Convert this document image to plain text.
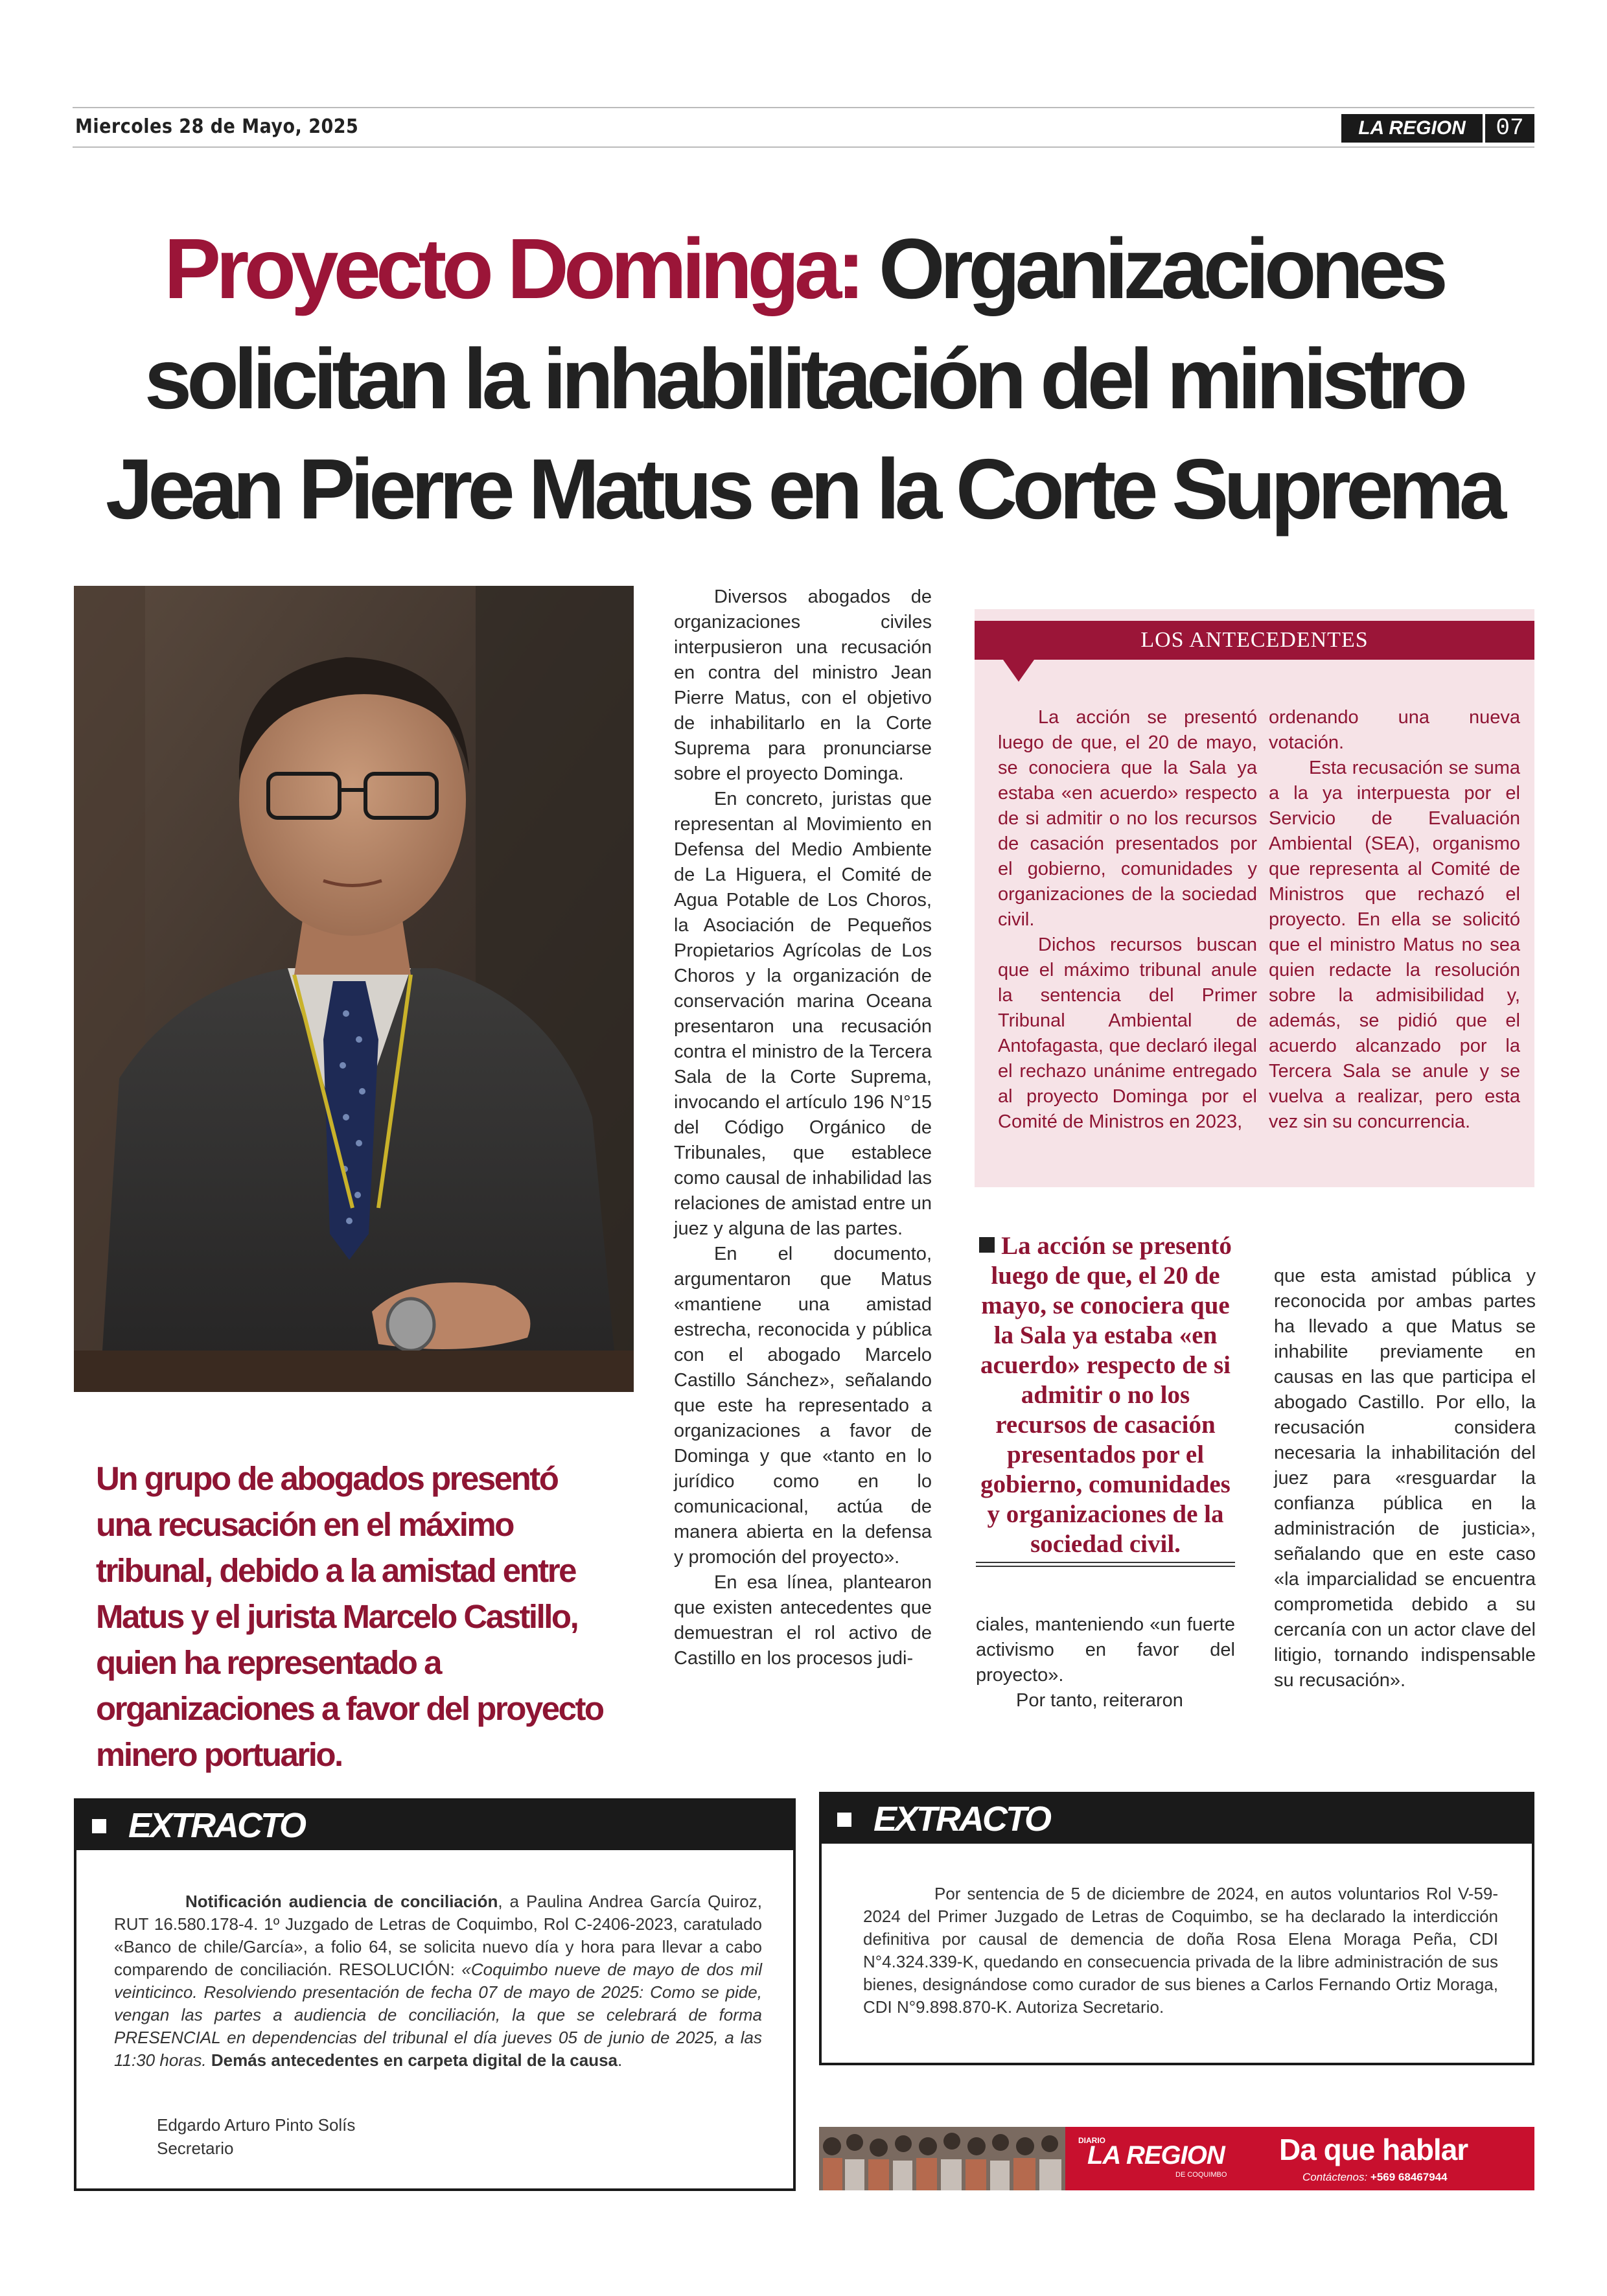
Miercoles 28 de Mayo, 2025	LA REGION	07
Proyecto Dominga: Organizaciones
solicitan la inhabilitación del ministro
Jean Pierre Matus en la Corte Suprema
Un grupo de abogados presentó una recusación en el máximo tribunal, debido a la amistad entre Matus y el jurista Marcelo Castillo, quien ha representado a organizaciones a favor del proyecto minero portuario.

Diversos abogados de organizaciones civiles interpusieron una recusación en contra del ministro Jean Pierre Matus, con el objetivo de inhabilitarlo en la Corte Suprema para pronunciarse sobre el proyecto Dominga.

En concreto, juristas que representan al Movimiento en Defensa del Medio Ambiente de La Higuera, el Comité de Agua Potable de Los Choros, la Asociación de Pequeños Propietarios Agrícolas de Los Choros y la organización de conservación marina Oceana presentaron una recusación contra el ministro de la Tercera Sala de la Corte Suprema, invocando el artículo 196 N°15 del Código Orgánico de Tribunales, que establece como causal de inhabilidad las relaciones de amistad entre un juez y alguna de las partes.

En el documento, argumentaron que Matus «mantiene una amistad estrecha, reconocida y pública con el abogado Marcelo Castillo Sánchez», señalando que este ha representado a organizaciones a favor de Dominga y que «tanto en lo jurídico como en lo comunicacional, actúa de manera abierta en la defensa y promoción del proyecto».

En esa línea, plantearon que existen antecedentes que demuestran el rol activo de Castillo en los procesos judi-

LOS ANTECEDENTES

La acción se presentó luego de que, el 20 de mayo, se conociera que la Sala ya estaba «en acuerdo» respecto de si admitir o no los recursos de casación presentados por el gobierno, comunidades y organizaciones de la sociedad civil.

Dichos recursos buscan que el máximo tribunal anule la sentencia del Primer Tribunal Ambiental de Antofagasta, que declaró ilegal el rechazo unánime entregado al proyecto Dominga por el Comité de Ministros en 2023,

ordenando una nueva votación.

Esta recusación se suma a la ya interpuesta por el Servicio de Evaluación Ambiental (SEA), organismo que representa al Comité de Ministros que rechazó el proyecto. En ella se solicitó que el ministro Matus no sea quien redacte la resolución sobre la admisibilidad y, además, se pidió que el acuerdo alcanzado por la Tercera Sala se anule y se vuelva a realizar, pero esta vez sin su concurrencia.

La acción se presentó luego de que, el 20 de mayo, se conociera que la Sala ya estaba «en acuerdo» respecto de si admitir o no los recursos de casación presentados por el gobierno, comunidades y organizaciones de la sociedad civil.

ciales, manteniendo «un fuerte activismo en favor del proyecto».

Por tanto, reiteraron

que esta amistad pública y reconocida por ambas partes ha llevado a que Matus se inhabilite previamente en causas en las que participa el abogado Castillo. Por ello, la recusación considera necesaria la inhabilitación del juez para «resguardar la confianza pública en la administración de justicia», señalando que en este caso «la imparcialidad se encuentra comprometida debido a su cercanía con un actor clave del litigio, tornando indispensable su recusación».

EXTRACTO

Notificación audiencia de conciliación, a Paulina Andrea García Quiroz, RUT 16.580.178-4. 1º Juzgado de Letras de Coquimbo, Rol C-2406-2023, caratulado «Banco de chile/García», a folio 64, se solicita nuevo día y hora para llevar a cabo comparendo de conciliación. RESOLUCIÓN: «Coquimbo nueve de mayo de dos mil veinticinco. Resolviendo presentación de fecha 07 de mayo de 2025: Como se pide, vengan las partes a audiencia de conciliación, la que se celebrará de forma PRESENCIAL en dependencias del tribunal el día jueves 05 de junio de 2025, a las 11:30 horas. Demás antecedentes en carpeta digital de la causa.

Edgardo Arturo Pinto Solís
Secretario
EXTRACTO

Por sentencia de 5 de diciembre de 2024, en autos voluntarios Rol V-59-2024 del Primer Juzgado de Letras de Coquimbo, se ha declarado la interdicción definitiva por causal de demencia de doña Rosa Elena Moraga Peña, CDI N°4.324.339-K, quedando en consecuencia privada de la libre administración de sus bienes, designándose como curador de sus bienes a Carlos Fernando Ortiz Moraga, CDI N°9.898.870-K. Autoriza Secretario.

DIARIO
LA REGION
DE COQUIMBO
Da que hablar
Contáctenos: +569 68467944
